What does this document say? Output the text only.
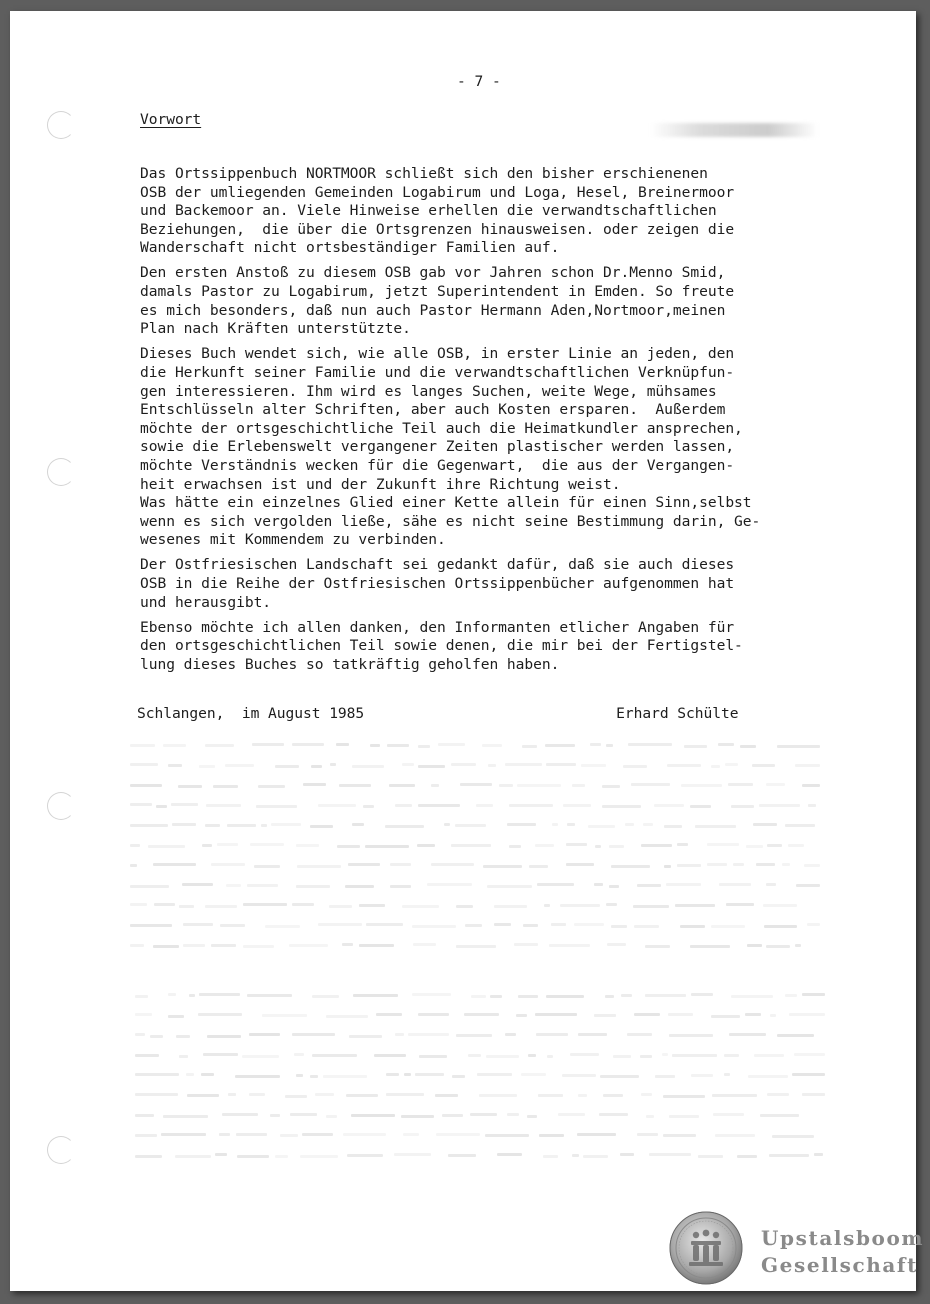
- 7 -
Vorwort
Das Ortssippenbuch NORTMOOR schließt sich den bisher erschienenen
OSB der umliegenden Gemeinden Logabirum und Loga, Hesel, Breinermoor
und Backemoor an. Viele Hinweise erhellen die verwandtschaftlichen
Beziehungen,  die über die Ortsgrenzen hinausweisen. oder zeigen die
Wanderschaft nicht ortsbeständiger Familien auf.
Den ersten Anstoß zu diesem OSB gab vor Jahren schon Dr.Menno Smid,
damals Pastor zu Logabirum, jetzt Superintendent in Emden. So freute
es mich besonders, daß nun auch Pastor Hermann Aden,Nortmoor,meinen
Plan nach Kräften unterstützte.
Dieses Buch wendet sich, wie alle OSB, in erster Linie an jeden, den
die Herkunft seiner Familie und die verwandtschaftlichen Verknüpfun-
gen interessieren. Ihm wird es langes Suchen, weite Wege, mühsames
Entschlüsseln alter Schriften, aber auch Kosten ersparen.  Außerdem
möchte der ortsgeschichtliche Teil auch die Heimatkundler ansprechen,
sowie die Erlebenswelt vergangener Zeiten plastischer werden lassen,
möchte Verständnis wecken für die Gegenwart,  die aus der Vergangen-
heit erwachsen ist und der Zukunft ihre Richtung weist.
Was hätte ein einzelnes Glied einer Kette allein für einen Sinn,selbst
wenn es sich vergolden ließe, sähe es nicht seine Bestimmung darin, Ge-
wesenes mit Kommendem zu verbinden.
Der Ostfriesischen Landschaft sei gedankt dafür, daß sie auch dieses
OSB in die Reihe der Ostfriesischen Ortssippenbücher aufgenommen hat
und herausgibt.
Ebenso möchte ich allen danken, den Informanten etlicher Angaben für
den ortsgeschichtlichen Teil sowie denen, die mir bei der Fertigstel-
lung dieses Buches so tatkräftig geholfen haben.
Schlangen,  im August 1985	Erhard Schülte
Upstalsboom
Gesellschaft
